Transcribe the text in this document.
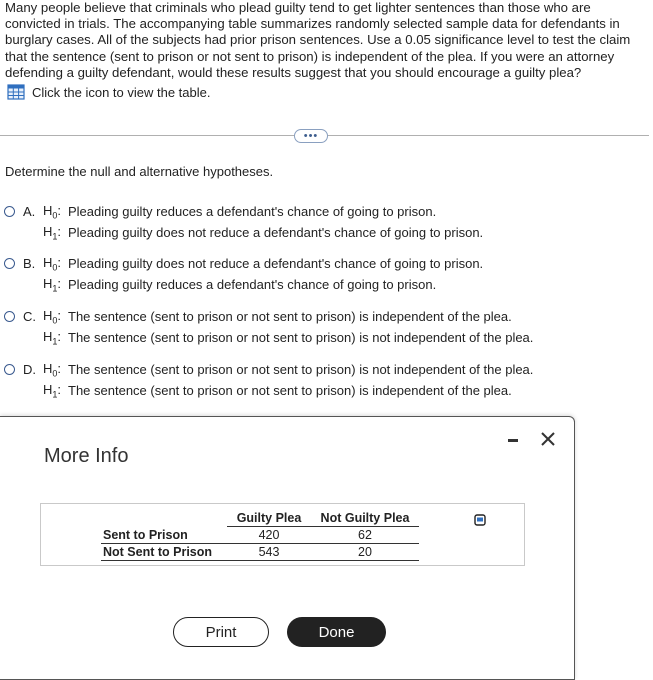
Many people believe that criminals who plead guilty tend to get lighter sentences than those who are convicted in trials. The accompanying table summarizes randomly selected sample data for defendants in burglary cases. All of the subjects had prior prison sentences. Use a 0.05 significance level to test the claim that the sentence (sent to prison or not sent to prison) is independent of the plea. If you were an attorney defending a guilty defendant, would these results suggest that you should encourage a guilty plea?
Click the icon to view the table.
•••
Determine the null and alternative hypotheses.
A. $H_0$: Pleading guilty reduces a defendant's chance of going to prison.
$H_1$: Pleading guilty does not reduce a defendant's chance of going to prison.
B. $H_0$: Pleading guilty does not reduce a defendant's chance of going to prison.
$H_1$: Pleading guilty reduces a defendant's chance of going to prison.
C. $H_0$: The sentence (sent to prison or not sent to prison) is independent of the plea.
$H_1$: The sentence (sent to prison or not sent to prison) is not independent of the plea.
D. $H_0$: The sentence (sent to prison or not sent to prison) is not independent of the plea.
$H_1$: The sentence (sent to prison or not sent to prison) is independent of the plea.
More Info
	Guilty Plea	Not Guilty Plea
Sent to Prison	420	62
Not Sent to Prison	543	20
Print	Done
